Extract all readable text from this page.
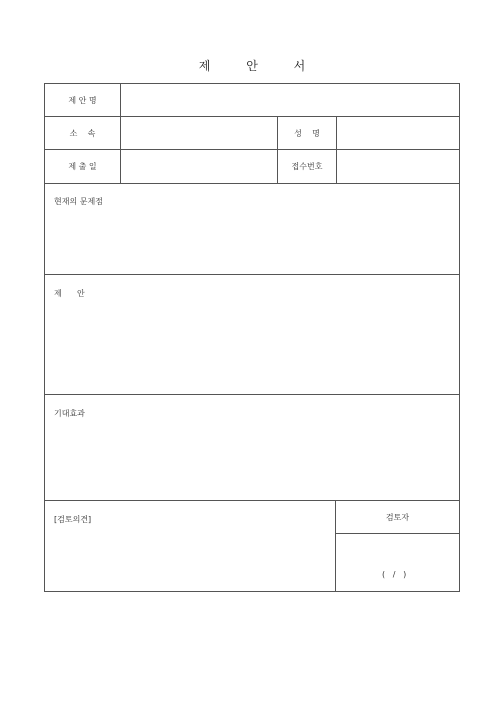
제	안	서
제 안 명
소    속	성    명
제 출 일	접수번호
현재의 문제점
제      안
기대효과
[검토의견]	검토자
(   /   )
